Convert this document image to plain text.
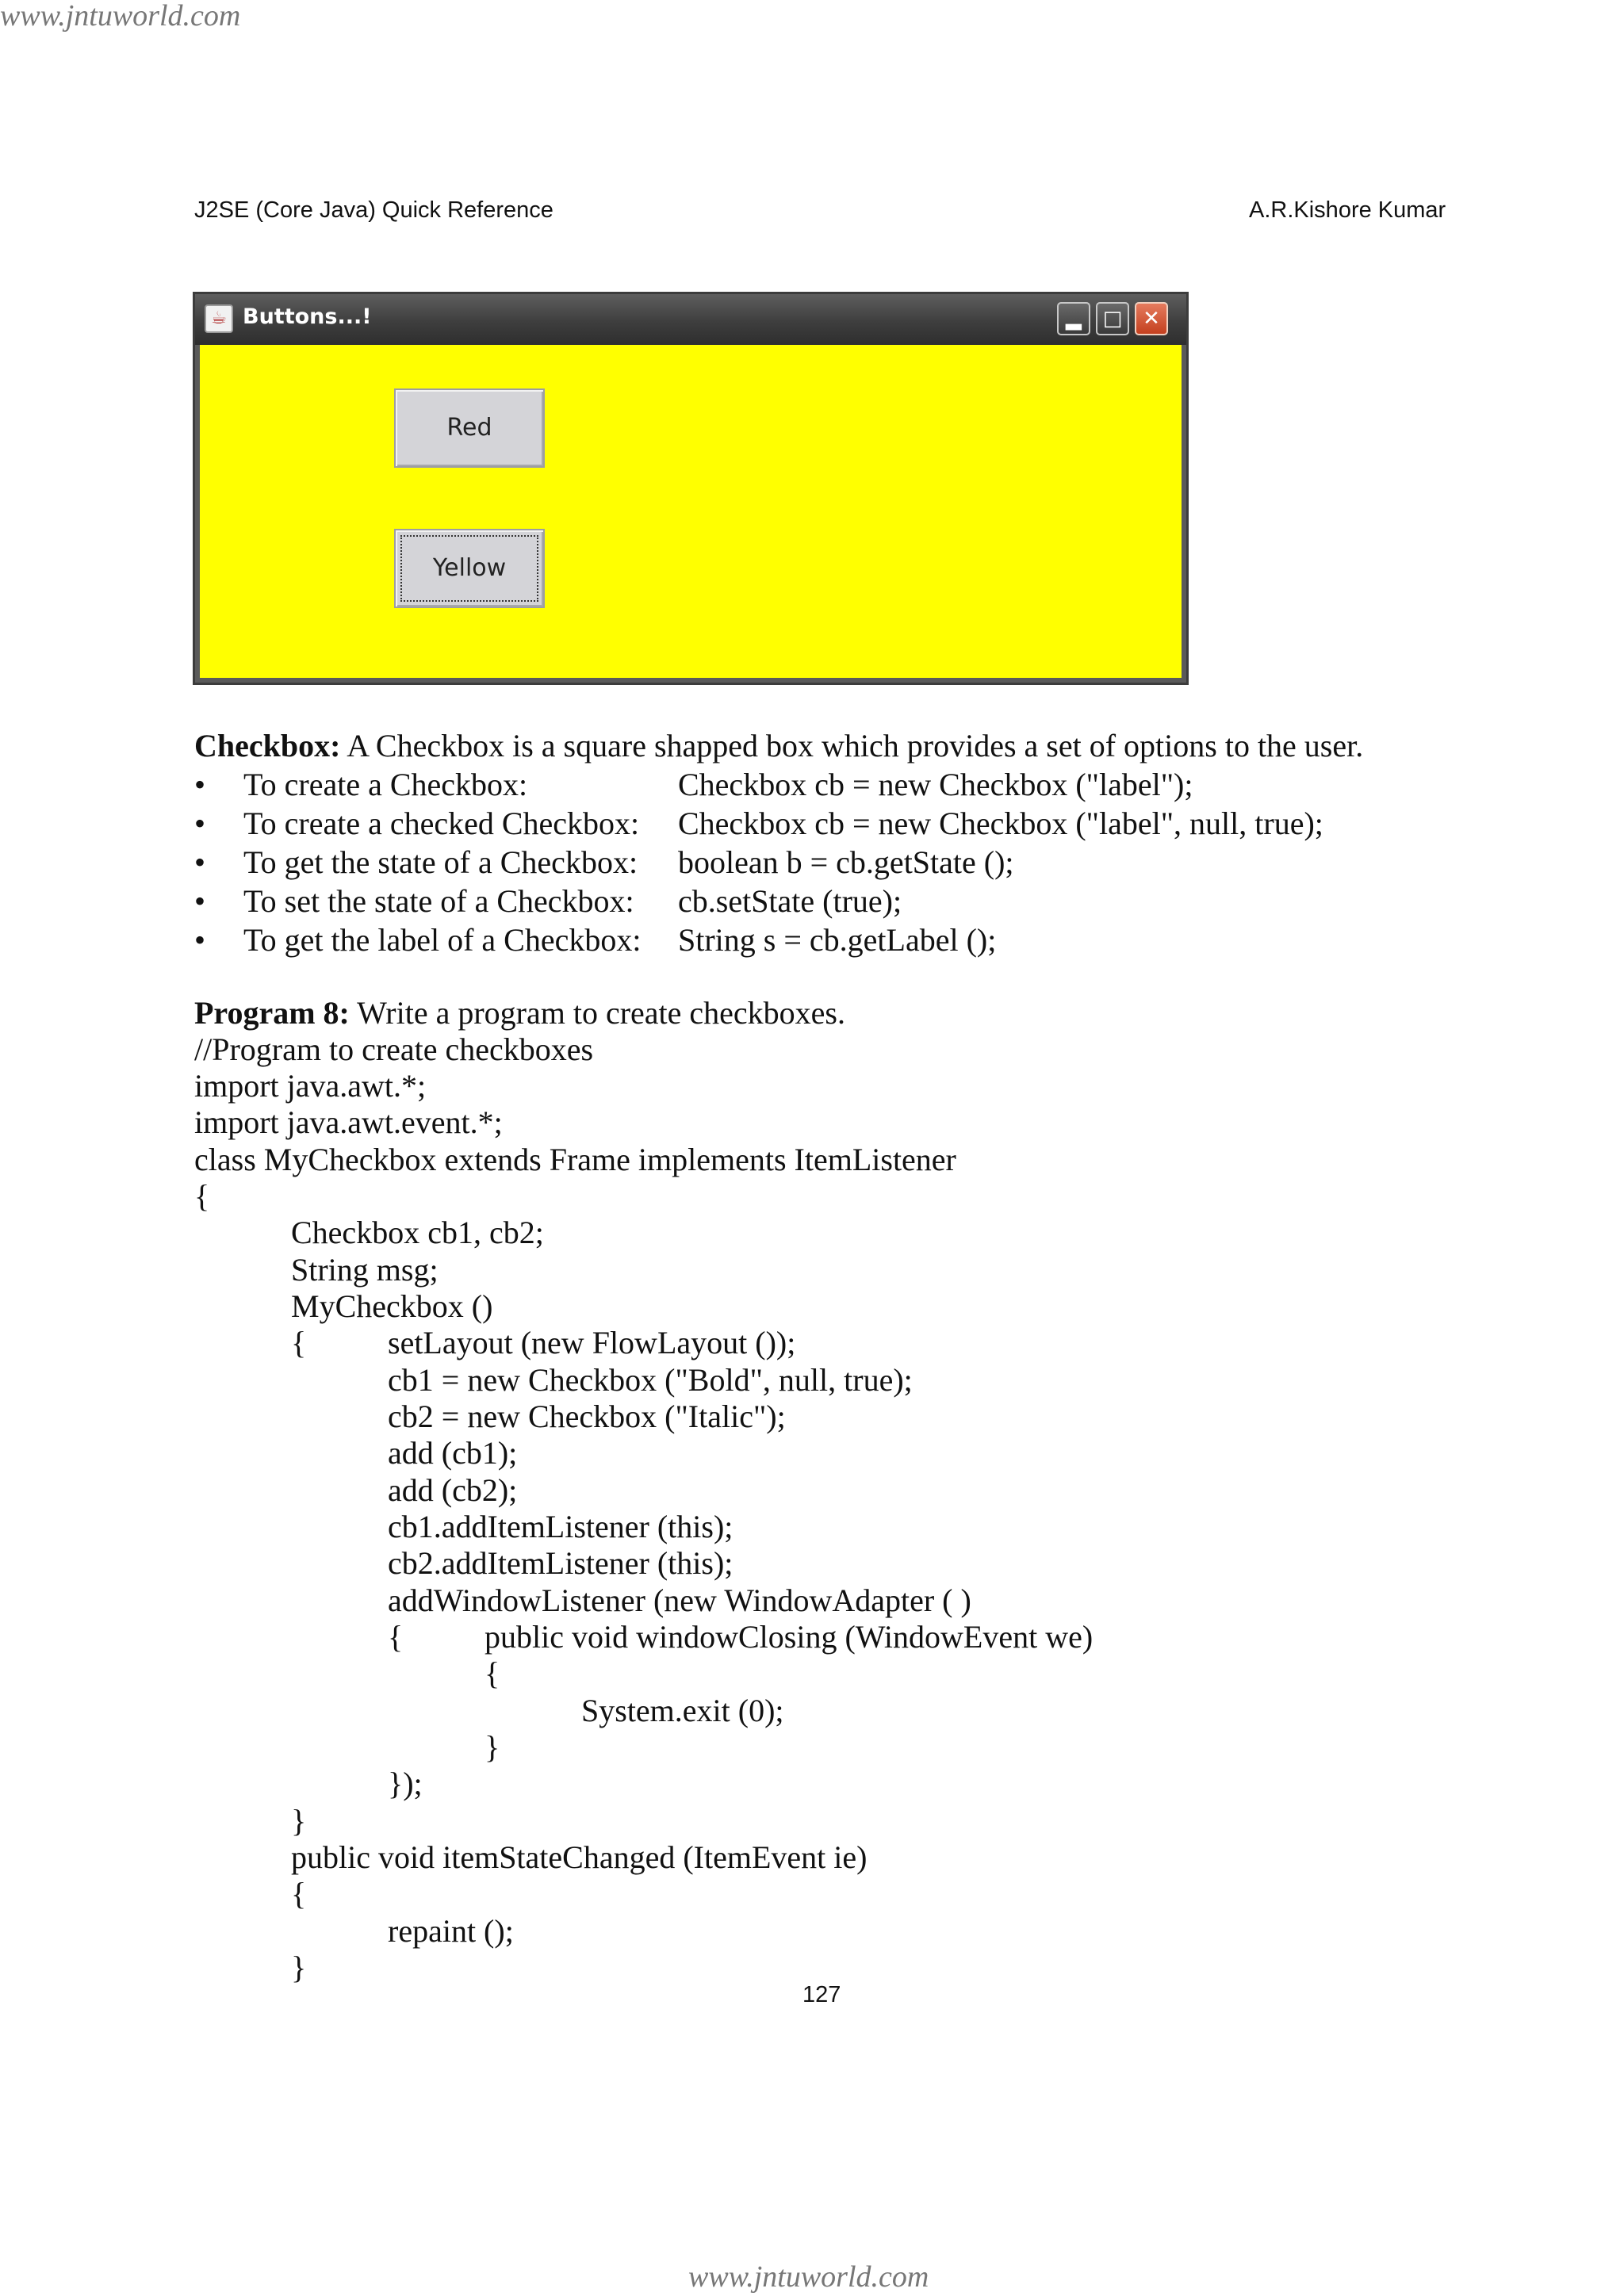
www.jntuworld.com
www.jntuworld.com
J2SE (Core Java) Quick Reference	A.R.Kishore Kumar
☕ Buttons...!	▂	□ ✕
Red
Yellow
Checkbox: A Checkbox is a square shapped box which provides a set of options to the user.
• To create a Checkbox:	Checkbox cb = new Checkbox ("label");
• To create a checked Checkbox: Checkbox cb = new Checkbox ("label", null, true);
• To get the state of a Checkbox: boolean b = cb.getState ();
• To set the state of a Checkbox: cb.setState (true);
• To get the label of a Checkbox: String s = cb.getLabel ();
Program 8: Write a program to create checkboxes.
//Program to create checkboxes
import java.awt.*;
import java.awt.event.*;
class MyCheckbox extends Frame implements ItemListener
{
Checkbox cb1, cb2;
String msg;
MyCheckbox ()
{	setLayout (new FlowLayout ());
cb1 = new Checkbox ("Bold", null, true);
cb2 = new Checkbox ("Italic");
add (cb1);
add (cb2);
cb1.addItemListener (this);
cb2.addItemListener (this);
addWindowListener (new WindowAdapter ( )
{	public void windowClosing (WindowEvent we)
{
System.exit (0);
}
});
}
public void itemStateChanged (ItemEvent ie)
{
repaint ();
}
127
